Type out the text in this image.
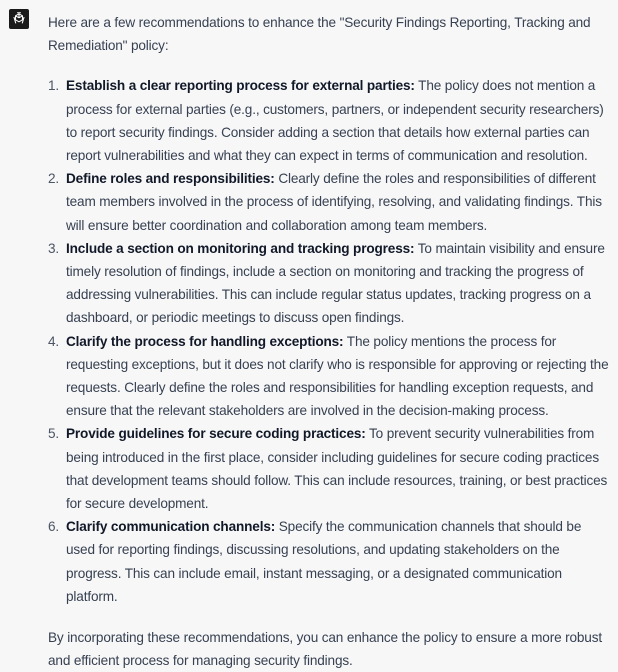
Here are a few recommendations to enhance the "Security Findings Reporting, Tracking and Remediation" policy:

1. Establish a clear reporting process for external parties: The policy does not mention a process for external parties (e.g., customers, partners, or independent security researchers) to report security findings. Consider adding a section that details how external parties can report vulnerabilities and what they can expect in terms of communication and resolution.
2. Define roles and responsibilities: Clearly define the roles and responsibilities of different team members involved in the process of identifying, resolving, and validating findings. This will ensure better coordination and collaboration among team members.
3. Include a section on monitoring and tracking progress: To maintain visibility and ensure timely resolution of findings, include a section on monitoring and tracking the progress of addressing vulnerabilities. This can include regular status updates, tracking progress on a dashboard, or periodic meetings to discuss open findings.
4. Clarify the process for handling exceptions: The policy mentions the process for requesting exceptions, but it does not clarify who is responsible for approving or rejecting the requests. Clearly define the roles and responsibilities for handling exception requests, and ensure that the relevant stakeholders are involved in the decision-making process.
5. Provide guidelines for secure coding practices: To prevent security vulnerabilities from being introduced in the first place, consider including guidelines for secure coding practices that development teams should follow. This can include resources, training, or best practices for secure development.
6. Clarify communication channels: Specify the communication channels that should be used for reporting findings, discussing resolutions, and updating stakeholders on the progress. This can include email, instant messaging, or a designated communication platform.

By incorporating these recommendations, you can enhance the policy to ensure a more robust and efficient process for managing security findings.
